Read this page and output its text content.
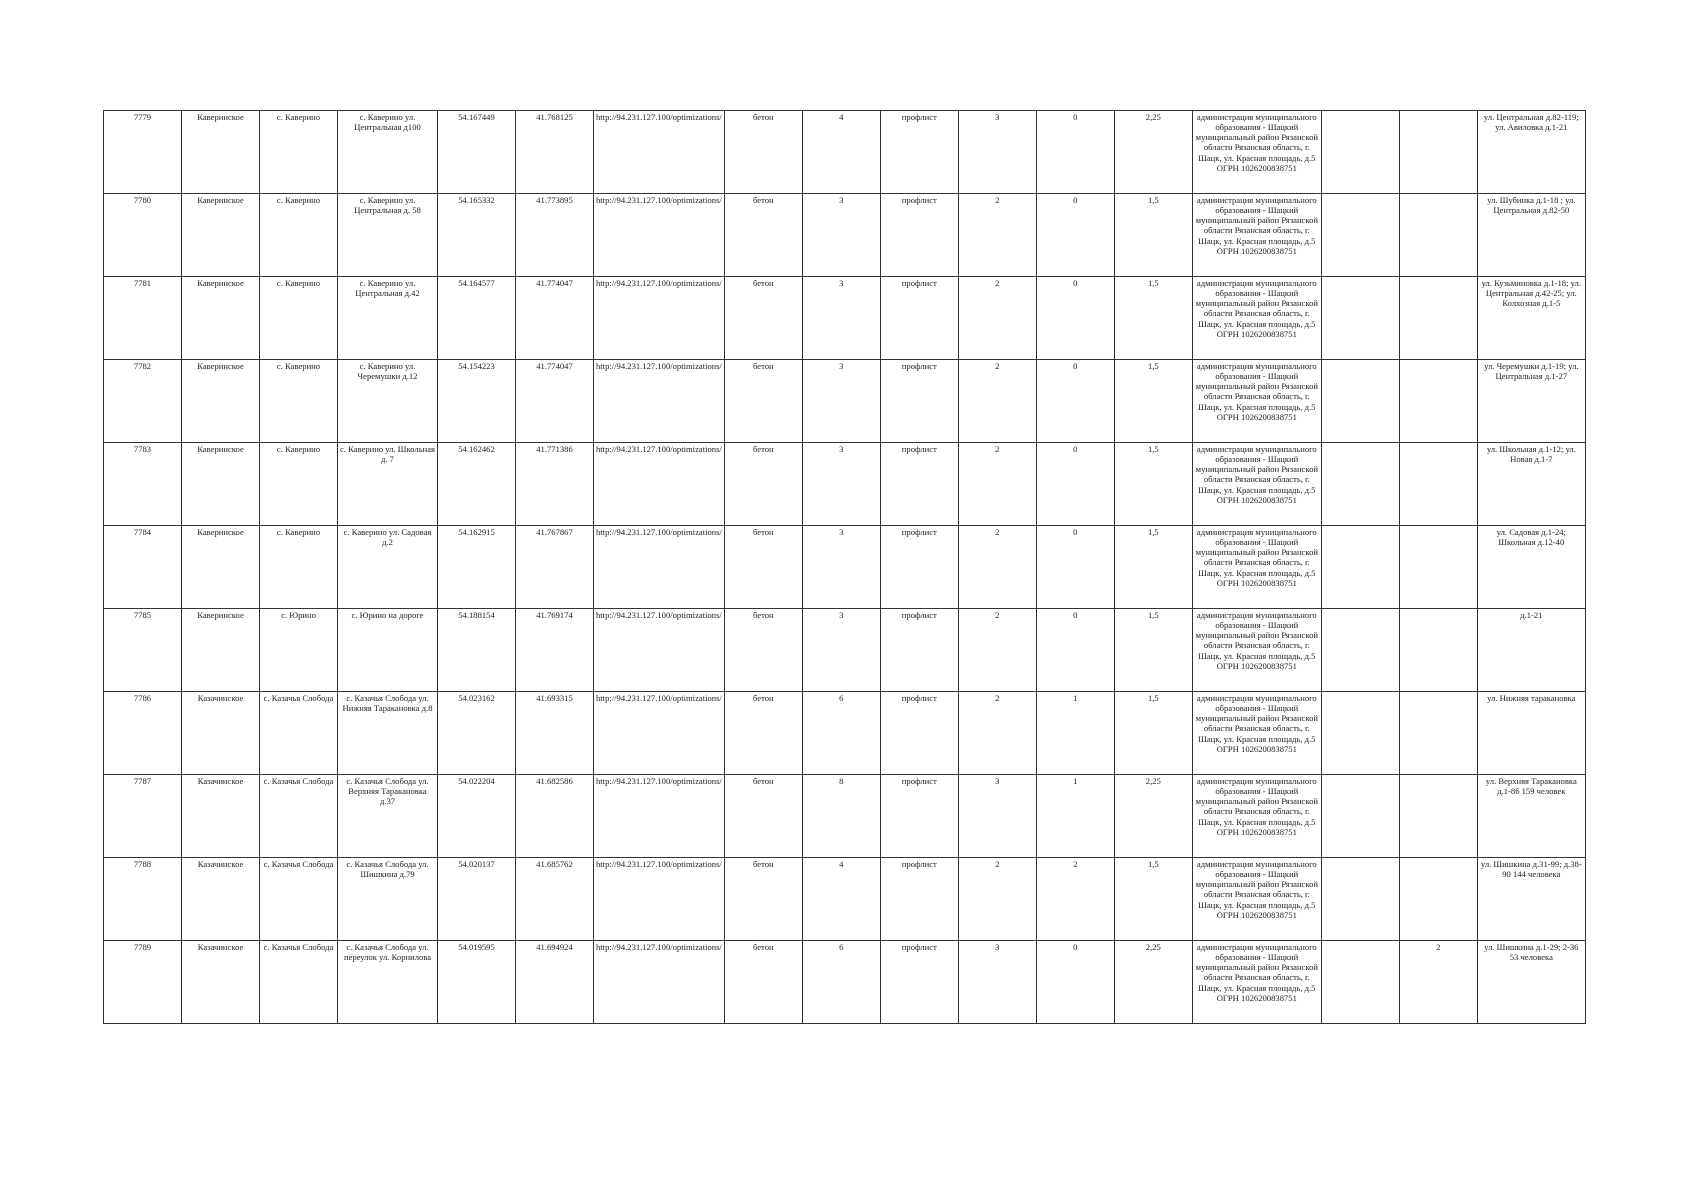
7779	Каверинское	с. Каверино	с. Каверино ул. Центральная д100	54.167449	41.768125	http://94.231.127.100/optimizations/	бетон	4	профлист	3	0	2,25	администрация муниципального образования - Шацкий муниципальный район Рязанской области Рязанская область, г. Шацк, ул. Красная площадь, д.5 ОГРН 1026200838751			ул. Центральная д.82-119; ул. Авиловка д.1-21
7780	Каверинское	с. Каверино	с. Каверино ул. Центральная д. 58	54.165332	41.773895	http://94.231.127.100/optimizations/	бетон	3	профлист	2	0	1,5	администрация муниципального образования - Шацкий муниципальный район Рязанской области Рязанская область, г. Шацк, ул. Красная площадь, д.5 ОГРН 1026200838751			ул. Шубинка д.1-18 ; ул. Центральная д.82-50
7781	Каверинское	с. Каверино	с. Каверино ул. Центральная д.42	54.164577	41.774047	http://94.231.127.100/optimizations/	бетон	3	профлист	2	0	1,5	администрация муниципального образования - Шацкий муниципальный район Рязанской области Рязанская область, г. Шацк, ул. Красная площадь, д.5 ОГРН 1026200838751			ул. Кузьминовка д.1-18; ул. Центральная д.42-25; ул. Колхозная д.1-5
7782	Каверинское	с. Каверино	с. Каверино ул. Черемушки д.12	54.154223	41.774047	http://94.231.127.100/optimizations/	бетон	3	профлист	2	0	1,5	администрация муниципального образования - Шацкий муниципальный район Рязанской области Рязанская область, г. Шацк, ул. Красная площадь, д.5 ОГРН 1026200838751			ул. Черемушки д.1-19; ул. Центральная д.1-27
7783	Каверинское	с. Каверино	с. Каверино ул. Школьная д. 7	54.162462	41.771386	http://94.231.127.100/optimizations/	бетон	3	профлист	2	0	1,5	администрация муниципального образования - Шацкий муниципальный район Рязанской области Рязанская область, г. Шацк, ул. Красная площадь, д.5 ОГРН 1026200838751			ул. Школьная д.1-12; ул. Новая д.1-7
7784	Каверинское	с. Каверино	с. Каверино ул. Садовая д.2	54.162915	41.767867	http://94.231.127.100/optimizations/	бетон	3	профлист	2	0	1,5	администрация муниципального образования - Шацкий муниципальный район Рязанской области Рязанская область, г. Шацк, ул. Красная площадь, д.5 ОГРН 1026200838751			ул. Садовая д.1-24; Школьная д.12-40
7785	Каверинское	с. Юрино	с. Юрино на дороге	54.188154	41.769174	http://94.231.127.100/optimizations/	бетон	3	профлист	2	0	1,5	администрация муниципального образования - Шацкий муниципальный район Рязанской области Рязанская область, г. Шацк, ул. Красная площадь, д.5 ОГРН 1026200838751			д.1-21
7786	Казачинское	с. Казачья Слобода	с. Казачья Слобода ул. Нижняя Таракановка д.8	54.023162	41.693315	http://94.231.127.100/optimizations/	бетон	6	профлист	2	1	1,5	администрация муниципального образования - Шацкий муниципальный район Рязанской области Рязанская область, г. Шацк, ул. Красная площадь, д.5 ОГРН 1026200838751			ул. Нижняя таракановка
7787	Казачинское	с. Казачья Слобода	с. Казачья Слобода ул. Верхняя Таракановка д.37	54.022204	41.682586	http://94.231.127.100/optimizations/	бетон	8	профлист	3	1	2,25	администрация муниципального образования - Шацкий муниципальный район Рязанской области Рязанская область, г. Шацк, ул. Красная площадь, д.5 ОГРН 1026200838751			ул. Верхняя Таракановка д.1-86 159 человек
7788	Казачинское	с. Казачья Слобода	с. Казачья Слобода ул. Шишкина д.79	54.020137	41.685762	http://94.231.127.100/optimizations/	бетон	4	профлист	2	2	1,5	администрация муниципального образования - Шацкий муниципальный район Рязанской области Рязанская область, г. Шацк, ул. Красная площадь, д.5 ОГРН 1026200838751			ул. Шишкина д.31-99; д.38-90 144 человека
7789	Казачинское	с. Казачья Слобода	с. Казачья Слобода ул. переулок ул. Корнилова	54.019595	41.694924	http://94.231.127.100/optimizations/	бетон	6	профлист	3	0	2,25	администрация муниципального образования - Шацкий муниципальный район Рязанской области Рязанская область, г. Шацк, ул. Красная площадь, д.5 ОГРН 1026200838751		2	ул. Шишкина д.1-29; 2-36 53 человека
